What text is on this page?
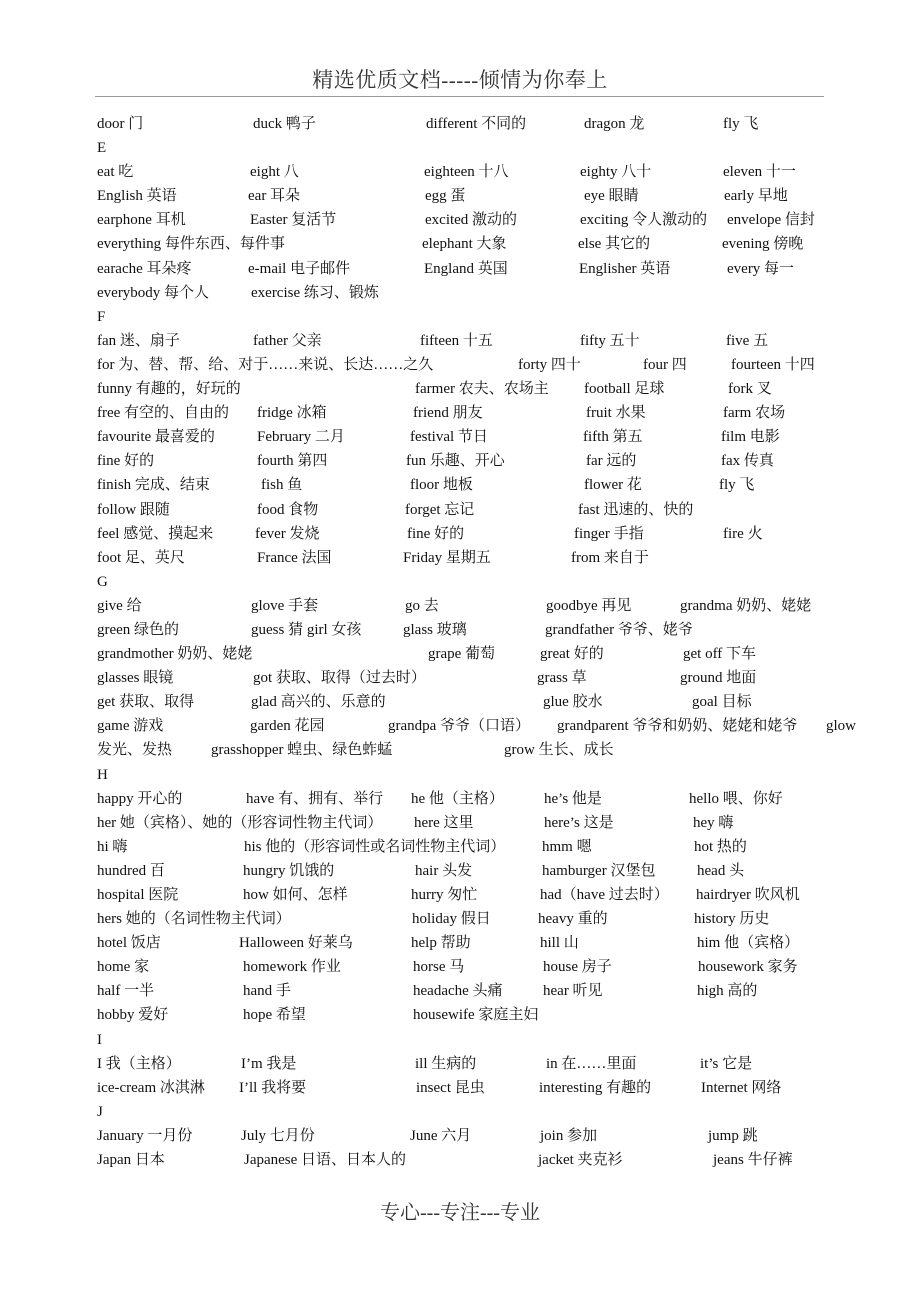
精选优质文档-----倾情为你奉上
door 门	duck 鸭子	different 不同的	dragon 龙	fly 飞
E
eat 吃	eight 八	eighteen 十八	eighty 八十	eleven 十一
English 英语	ear 耳朵	egg 蛋	eye 眼睛	early 早地
earphone 耳机	Easter 复活节	excited 激动的	exciting 令人激动的 envelope 信封
everything 每件东西、每件事	elephant 大象	else 其它的	evening 傍晚
earache 耳朵疼	e-mail 电子邮件	England 英国	Englisher 英语	every 每一
everybody 每个人	exercise 练习、锻炼
F
fan 迷、扇子	father 父亲	fifteen 十五	fifty 五十	five 五
for 为、替、帮、给、对于……来说、长达……之久	forty 四十	four 四	fourteen 十四
funny 有趣的，好玩的	farmer 农夫、农场主 football 足球	fork 叉
free 有空的、自由的 fridge 冰箱	friend 朋友	fruit 水果	farm 农场
favourite 最喜爱的	February 二月	festival 节日	fifth 第五	film 电影
fine 好的	fourth 第四	fun 乐趣、开心	far 远的	fax 传真
finish 完成、结束	fish 鱼	floor 地板	flower 花	fly 飞
follow 跟随	food 食物	forget 忘记	fast 迅速的、快的
feel 感觉、摸起来	fever 发烧	fine 好的	finger 手指	fire 火
foot 足、英尺	France 法国	Friday 星期五	from 来自于
G
give 给	glove 手套	go 去	goodbye 再见	grandma 奶奶、姥姥
green 绿色的	guess 猜 girl 女孩	glass 玻璃	grandfather 爷爷、姥爷
grandmother 奶奶、姥姥	grape 葡萄	great 好的	get off 下车
glasses 眼镜	got 获取、取得（过去时）	grass 草	ground 地面
get 获取、取得	glad 高兴的、乐意的	glue 胶水	goal 目标
game 游戏	garden 花园	grandpa 爷爷（口语） grandparent 爷爷和奶奶、姥姥和姥爷 glow
发光、发热	grasshopper 蝗虫、绿色蚱蜢	grow 生长、成长
H
happy 开心的	have 有、拥有、举行 he 他（主格）	he’s 他是	hello 喂、你好
her 她（宾格）、她的（形容词性物主代词） here 这里	here’s 这是	hey 嗨
hi 嗨	his 他的（形容词性或名词性物主代词） hmm 嗯	hot 热的
hundred 百	hungry 饥饿的	hair 头发	hamburger 汉堡包	head 头
hospital 医院	how 如何、怎样	hurry 匆忙	had（have 过去时） hairdryer 吹风机
hers 她的（名词性物主代词）	holiday 假日	heavy 重的	history 历史
hotel 饭店	Halloween 好莱乌	help 帮助	hill 山	him 他（宾格）
home 家	homework 作业	horse 马	house 房子	housework 家务
half 一半	hand 手	headache 头痛	hear 听见	high 高的
hobby 爱好	hope 希望	housewife 家庭主妇
I
I 我（主格）	I’m 我是	ill 生病的	in 在……里面	it’s 它是
ice-cream 冰淇淋 I’ll 我将要	insect 昆虫	interesting 有趣的	Internet 网络
J
January 一月份	July 七月份	June 六月	join 参加	jump 跳
Japan 日本	Japanese 日语、日本人的	jacket 夹克衫	jeans 牛仔裤
专心---专注---专业
